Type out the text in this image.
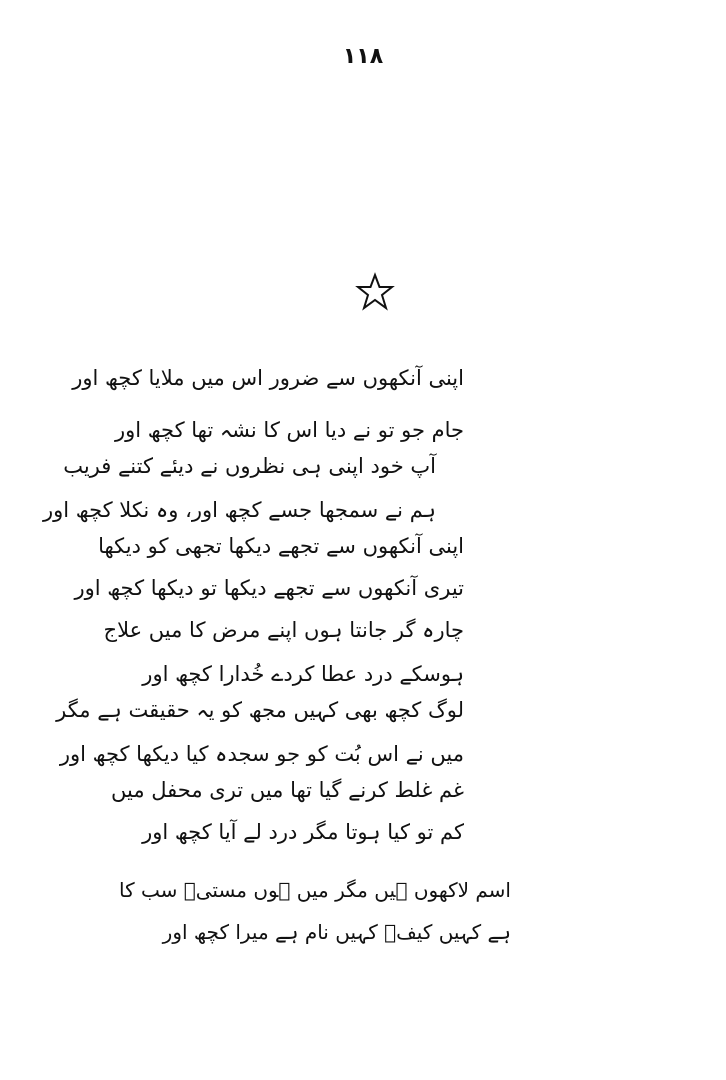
۱۱۸
اپنی آنکھوں سے ضرور اس میں ملایا کچھ اور
جام جو تو نے دیا اس کا نشہ تھا کچھ اور
آپ خود اپنی ہی نظروں نے دیئے کتنے فریب
ہم نے سمجھا جسے کچھ اور، وہ نکلا کچھ اور
اپنی آنکھوں سے تجھے دیکھا تجھی کو دیکھا
تیری آنکھوں سے تجھے دیکھا تو دیکھا کچھ اور
چارہ گر جانتا ہوں اپنے مرض کا میں علاج
ہوسکے درد عطا کردے خُدارا کچھ اور
لوگ کچھ بھی کہیں مجھ کو یہ حقیقت ہے مگر
میں نے اس بُت کو جو سجدہ کیا دیکھا کچھ اور
غم غلط کرنے گیا تھا میں تری محفل میں
کم تو کیا ہوتا مگر درد لے آیا کچھ اور
اسم لاکھوں ہیں مگر میں ہوں مستیؔ سب کا
ہے کہیں کیفؔ کہیں نام ہے میرا کچھ اور
